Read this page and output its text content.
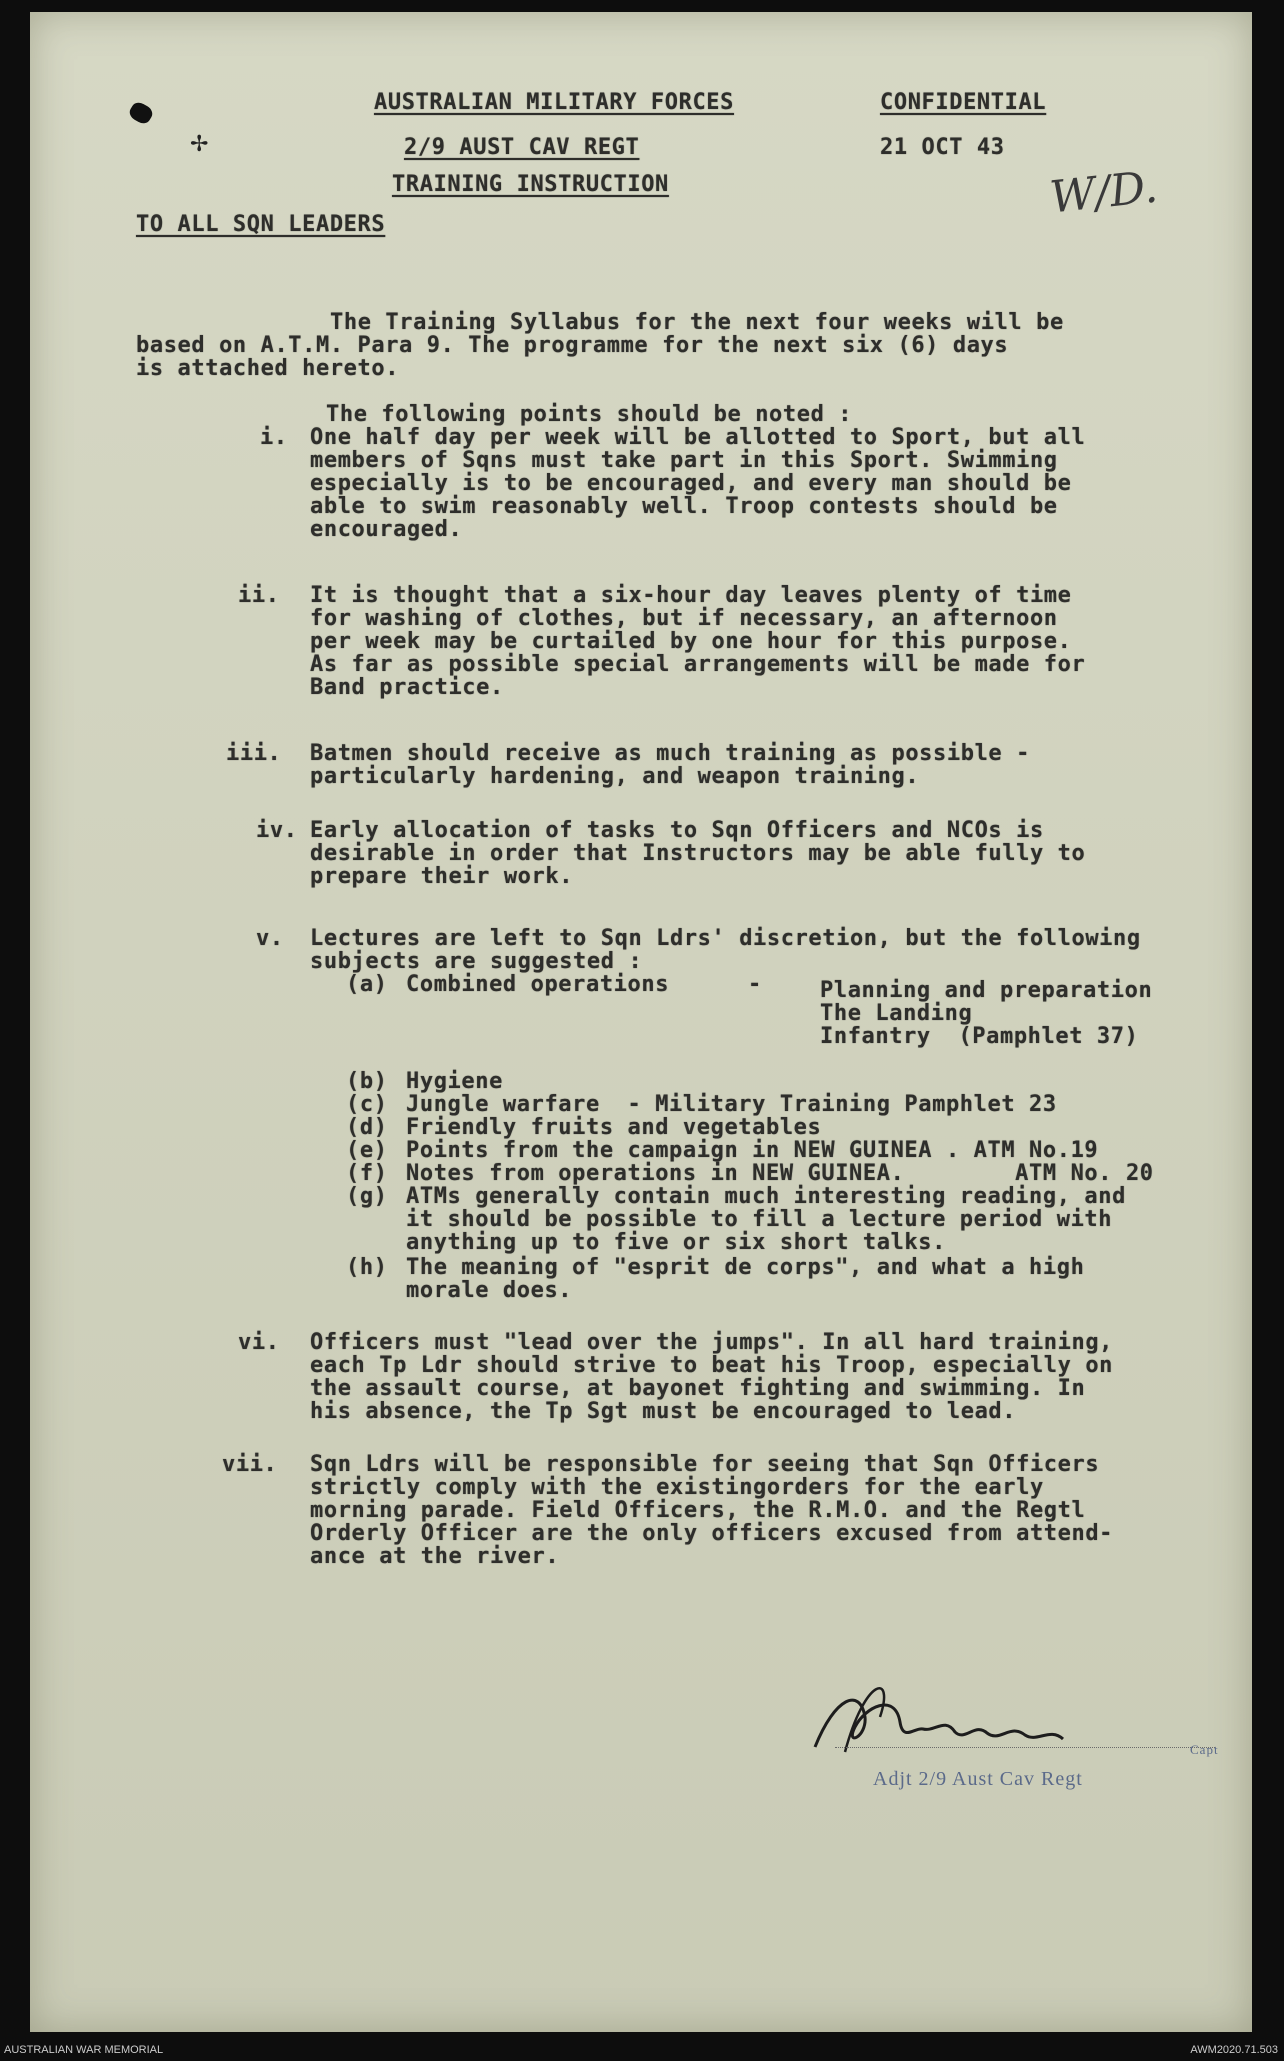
AUSTRALIAN MILITARY FORCES	CONFIDENTIAL
2/9 AUST CAV REGT	21 OCT 43
TRAINING INSTRUCTION	W/D.
TO ALL SQN LEADERS
✢
The Training Syllabus for the next four weeks will be
based on A.T.M. Para 9. The programme for the next six (6) days
is attached hereto.
The following points should be noted :
i. One half day per week will be allotted to Sport, but all
members of Sqns must take part in this Sport. Swimming
especially is to be encouraged, and every man should be
able to swim reasonably well. Troop contests should be
encouraged.
ii. It is thought that a six-hour day leaves plenty of time
for washing of clothes, but if necessary, an afternoon
per week may be curtailed by one hour for this purpose.
As far as possible special arrangements will be made for
Band practice.
iii. Batmen should receive as much training as possible -
particularly hardening, and weapon training.
iv. Early allocation of tasks to Sqn Officers and NCOs is
desirable in order that Instructors may be able fully to
prepare their work.
v. Lectures are left to Sqn Ldrs' discretion, but the following
subjects are suggested :
(a) Combined operations	-	Planning and preparation
The Landing
Infantry  (Pamphlet 37)
(b) Hygiene
(c) Jungle warfare  - Military Training Pamphlet 23
(d) Friendly fruits and vegetables
(e) Points from the campaign in NEW GUINEA . ATM No.19
(f) Notes from operations in NEW GUINEA.        ATM No. 20
(g) ATMs generally contain much interesting reading, and
it should be possible to fill a lecture period with
anything up to five or six short talks.
(h) The meaning of "esprit de corps", and what a high
morale does.
vi. Officers must "lead over the jumps". In all hard training,
each Tp Ldr should strive to beat his Troop, especially on
the assault course, at bayonet fighting and swimming. In
his absence, the Tp Sgt must be encouraged to lead.
vii. Sqn Ldrs will be responsible for seeing that Sqn Officers
strictly comply with the existingorders for the early
morning parade. Field Officers, the R.M.O. and the Regtl
Orderly Officer are the only officers excused from attend-
ance at the river.
Capt
Adjt 2/9 Aust Cav Regt
AUSTRALIAN WAR MEMORIAL	AWM2020.71.503
